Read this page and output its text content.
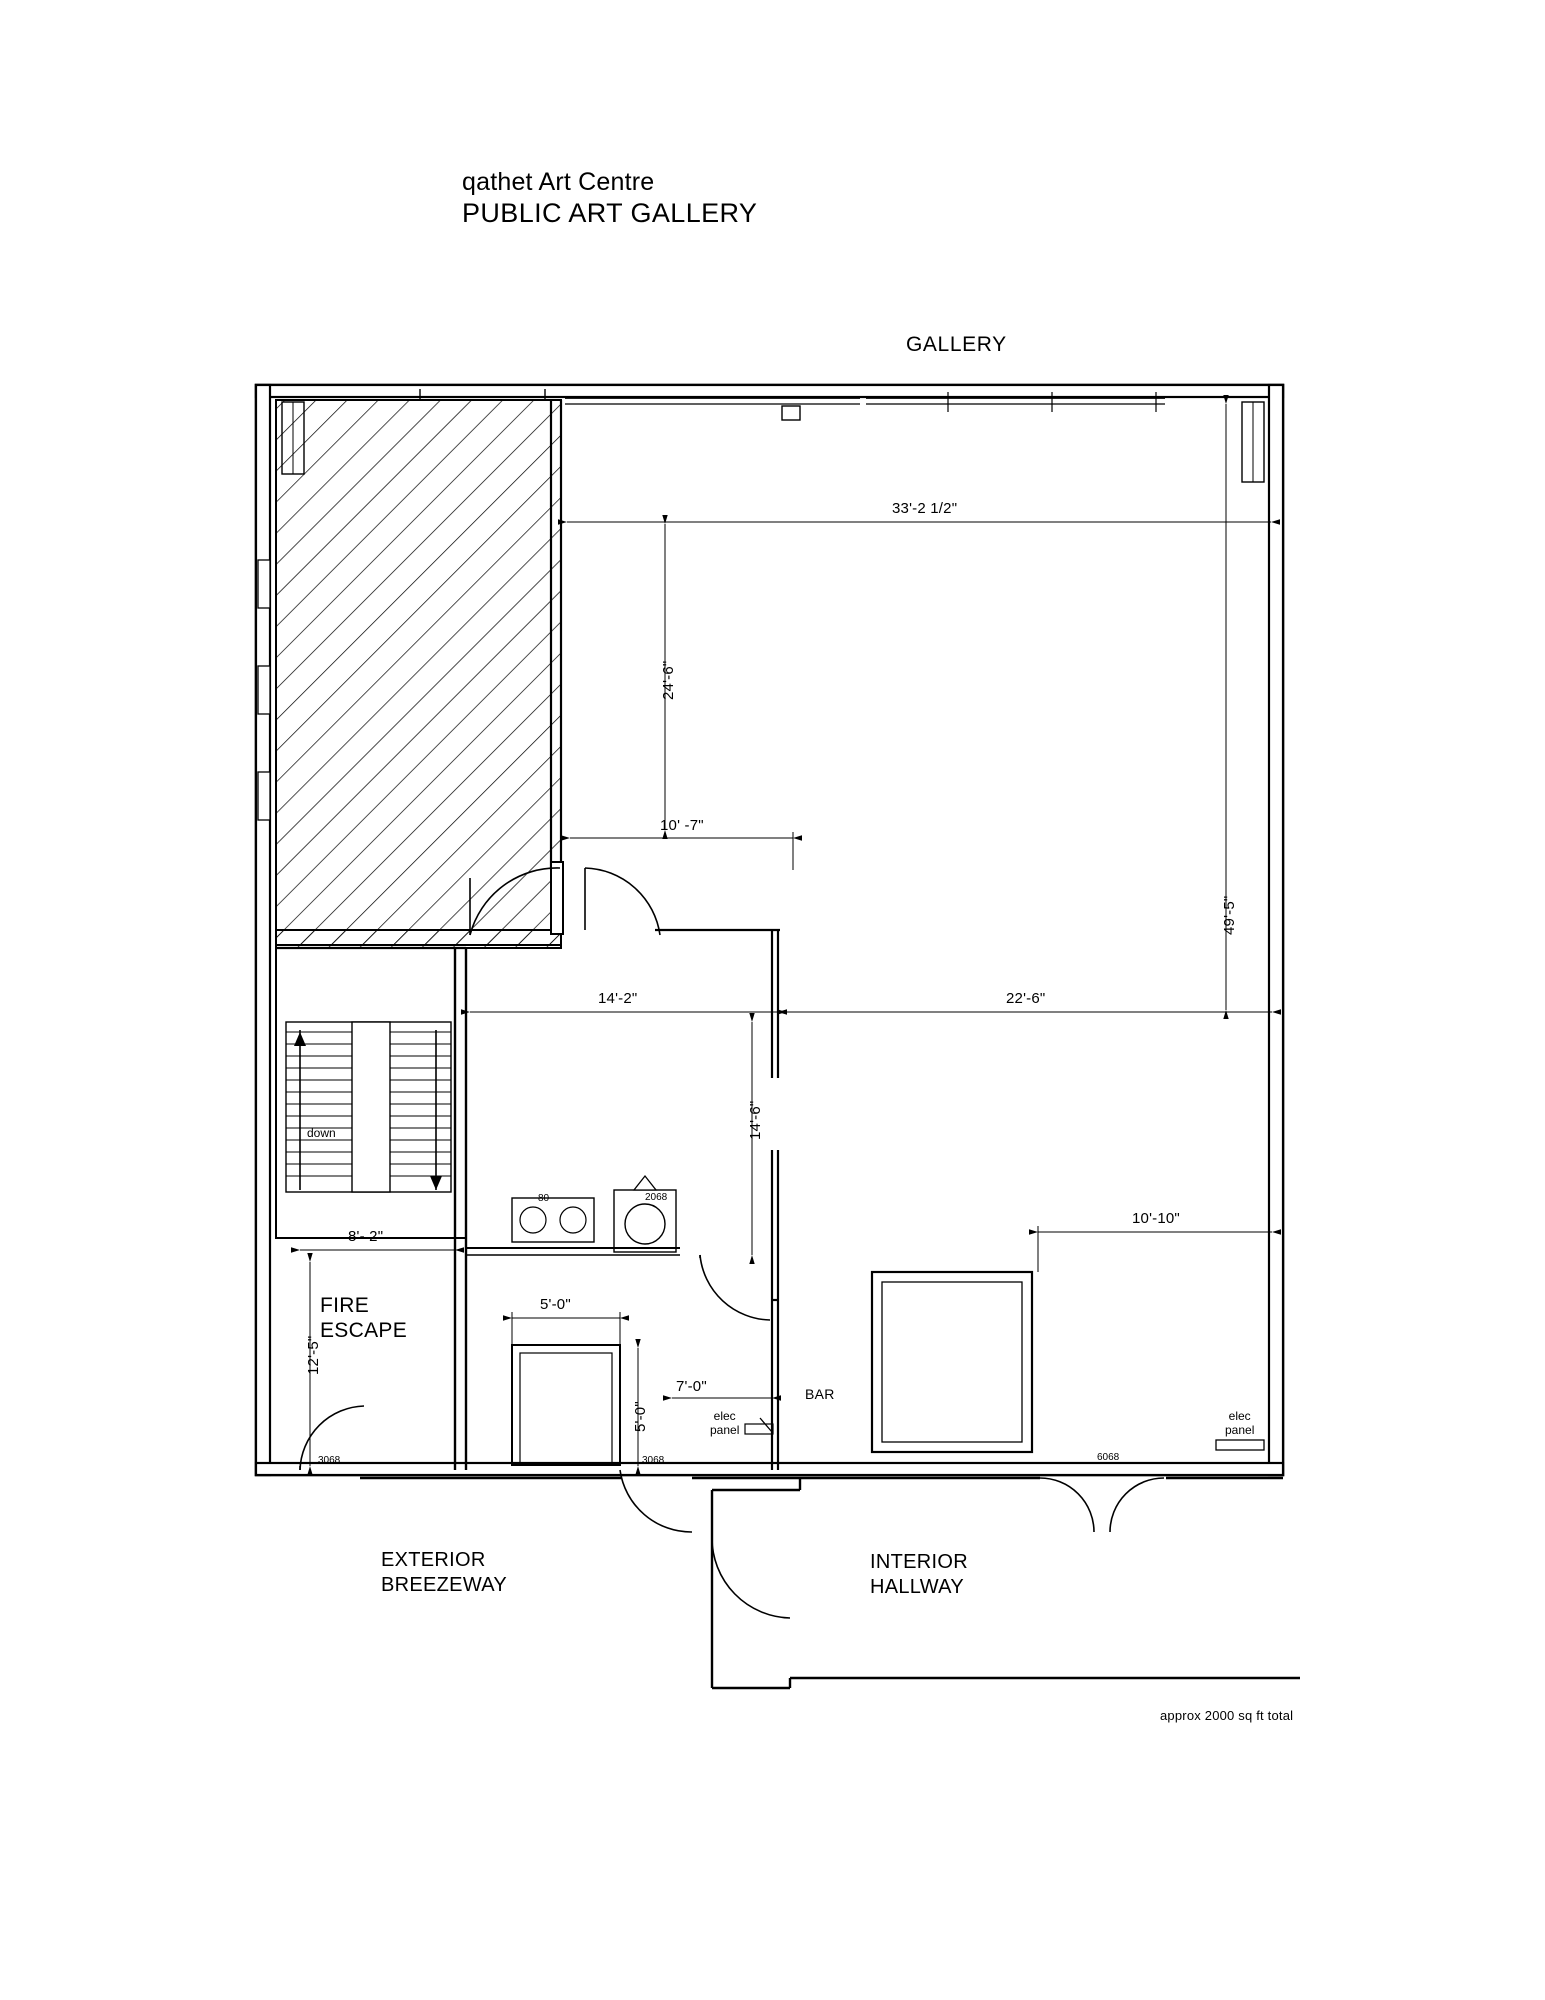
qathet Art Centre
PUBLIC ART GALLERY
GALLERY
FIRE
ESCAPE
EXTERIOR
BREEZEWAY
INTERIOR
HALLWAY
BAR
down
elec
panel
elec
panel
33'-2 1/2"
24'-6"
10' -7"
49'-5"
14'-2"	22'-6"
14'-6"
10'-10"
8'- 2"
12'-5"
5'-0"
5'-0"
7'-0"
3068	3068	6068
2068
80
approx 2000 sq ft total
